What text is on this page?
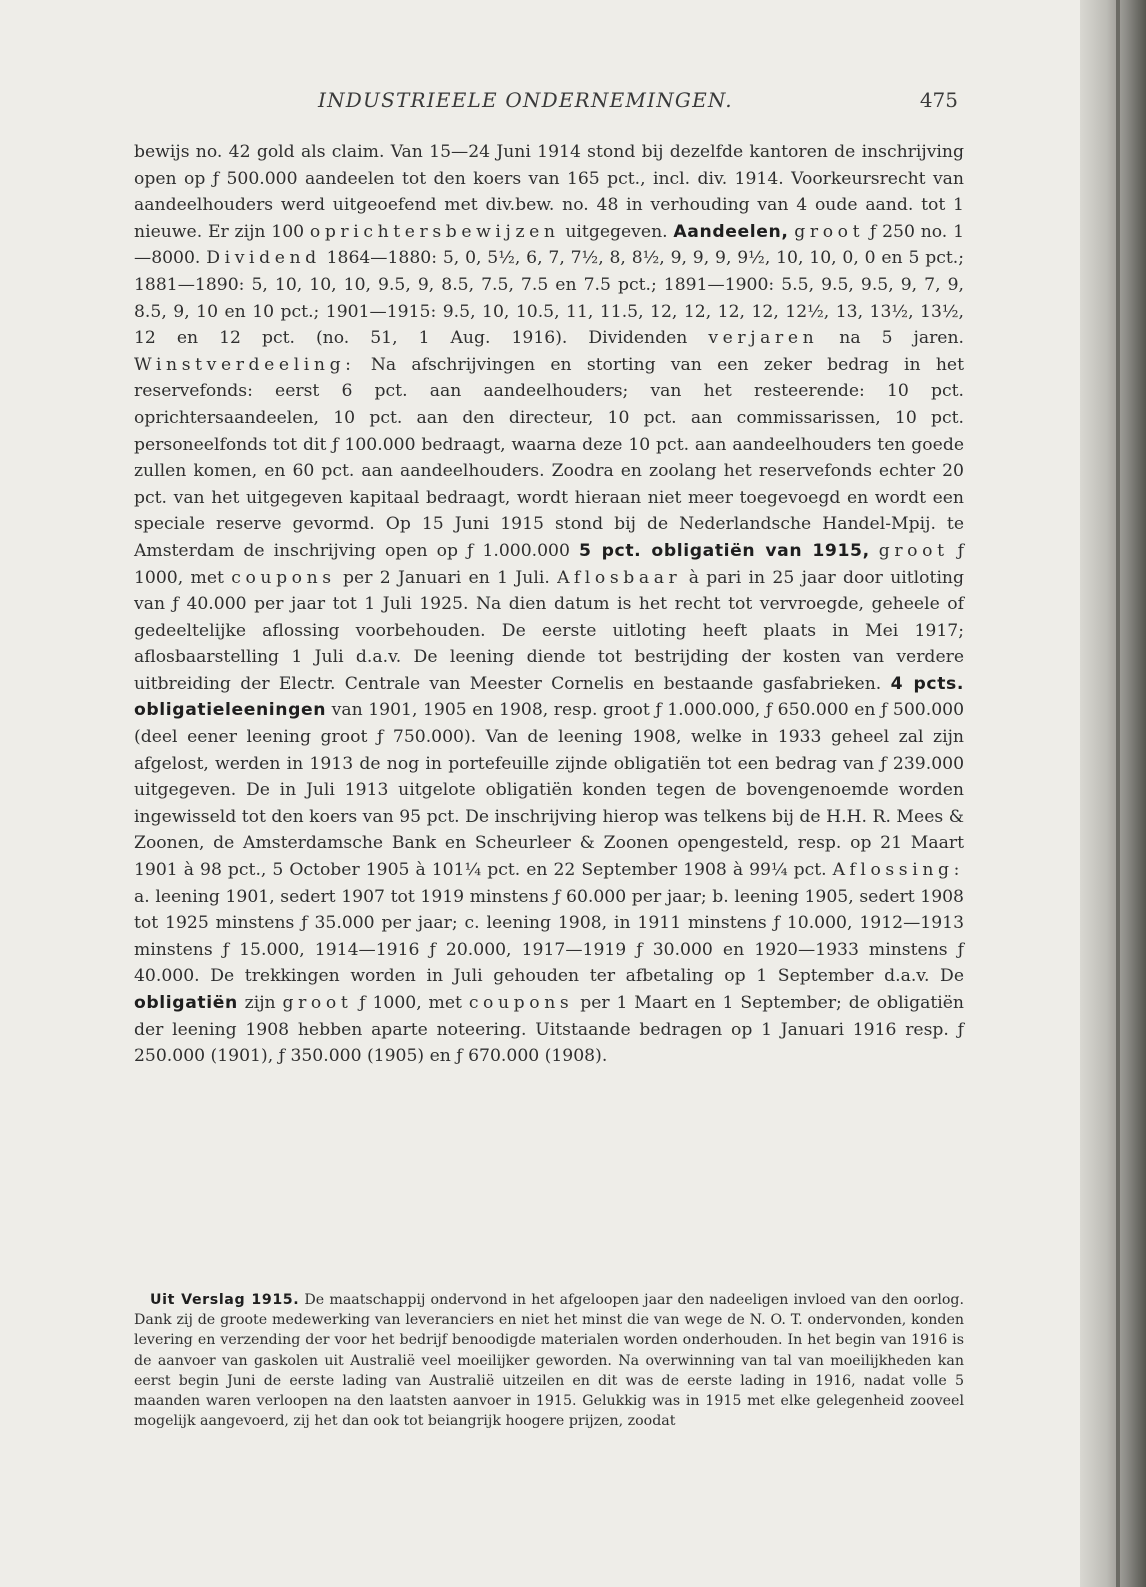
INDUSTRIEELE ONDERNEMINGEN.	475

bewijs no. 42 gold als claim. Van 15—24 Juni 1914 stond bij dezelfde kantoren de inschrijving open op ƒ 500.000 aandeelen tot den koers van 165 pct., incl. div. 1914. Voorkeursrecht van aandeelhouders werd uitgeoefend met div.bew. no. 48 in verhouding van 4 oude aand. tot 1 nieuwe. Er zijn 100 oprichtersbewijzen uitgegeven. Aandeelen, groot ƒ 250 no. 1—8000. Dividend 1864—1880: 5, 0, 5½, 6, 7, 7½, 8, 8½, 9, 9, 9, 9½, 10, 10, 0, 0 en 5 pct.; 1881—1890: 5, 10, 10, 10, 9.5, 9, 8.5, 7.5, 7.5 en 7.5 pct.; 1891—1900: 5.5, 9.5, 9.5, 9, 7, 9, 8.5, 9, 10 en 10 pct.; 1901—1915: 9.5, 10, 10.5, 11, 11.5, 12, 12, 12, 12, 12½, 13, 13½, 13½, 12 en 12 pct. (no. 51, 1 Aug. 1916). Dividenden verjaren na 5 jaren. Winstverdeeling: Na afschrijvingen en storting van een zeker bedrag in het reservefonds: eerst 6 pct. aan aandeelhouders; van het resteerende: 10 pct. oprichtersaandeelen, 10 pct. aan den directeur, 10 pct. aan commissarissen, 10 pct. personeelfonds tot dit ƒ 100.000 bedraagt, waarna deze 10 pct. aan aandeelhouders ten goede zullen komen, en 60 pct. aan aandeelhouders. Zoodra en zoolang het reservefonds echter 20 pct. van het uitgegeven kapitaal bedraagt, wordt hieraan niet meer toegevoegd en wordt een speciale reserve gevormd. Op 15 Juni 1915 stond bij de Nederlandsche Handel-Mpij. te Amsterdam de inschrijving open op ƒ 1.000.000 5 pct. obligatiën van 1915, groot ƒ 1000, met coupons per 2 Januari en 1 Juli. Aflosbaar à pari in 25 jaar door uitloting van ƒ 40.000 per jaar tot 1 Juli 1925. Na dien datum is het recht tot vervroegde, geheele of gedeeltelijke aflossing voorbehouden. De eerste uitloting heeft plaats in Mei 1917; aflosbaarstelling 1 Juli d.a.v. De leening diende tot bestrijding der kosten van verdere uitbreiding der Electr. Centrale van Meester Cornelis en bestaande gasfabrieken. 4 pcts. obligatieleeningen van 1901, 1905 en 1908, resp. groot ƒ 1.000.000, ƒ 650.000 en ƒ 500.000 (deel eener leening groot ƒ 750.000). Van de leening 1908, welke in 1933 geheel zal zijn afgelost, werden in 1913 de nog in portefeuille zijnde obligatiën tot een bedrag van ƒ 239.000 uitgegeven. De in Juli 1913 uitgelote obligatiën konden tegen de bovengenoemde worden ingewisseld tot den koers van 95 pct. De inschrijving hierop was telkens bij de H.H. R. Mees & Zoonen, de Amsterdamsche Bank en Scheurleer & Zoonen opengesteld, resp. op 21 Maart 1901 à 98 pct., 5 October 1905 à 101¼ pct. en 22 September 1908 à 99¼ pct. Aflossing: a. leening 1901, sedert 1907 tot 1919 minstens ƒ 60.000 per jaar; b. leening 1905, sedert 1908 tot 1925 minstens ƒ 35.000 per jaar; c. leening 1908, in 1911 minstens ƒ 10.000, 1912—1913 minstens ƒ 15.000, 1914—1916 ƒ 20.000, 1917—1919 ƒ 30.000 en 1920—1933 minstens ƒ 40.000. De trekkingen worden in Juli gehouden ter afbetaling op 1 September d.a.v. De obligatiën zijn groot ƒ 1000, met coupons per 1 Maart en 1 September; de obligatiën der leening 1908 hebben aparte noteering. Uitstaande bedragen op 1 Januari 1916 resp. ƒ 250.000 (1901), ƒ 350.000 (1905) en ƒ 670.000 (1908).

Uit Verslag 1915. De maatschappij ondervond in het afgeloopen jaar den nadeeligen invloed van den oorlog. Dank zij de groote medewerking van leveranciers en niet het minst die van wege de N. O. T. ondervonden, konden levering en verzending der voor het bedrijf benoodigde materialen worden onderhouden. In het begin van 1916 is de aanvoer van gaskolen uit Australië veel moeilijker geworden. Na overwinning van tal van moeilijkheden kan eerst begin Juni de eerste lading van Australië uitzeilen en dit was de eerste lading in 1916, nadat volle 5 maanden waren verloopen na den laatsten aanvoer in 1915. Gelukkig was in 1915 met elke gelegenheid zooveel mogelijk aangevoerd, zij het dan ook tot beiangrijk hoogere prijzen, zoodat
